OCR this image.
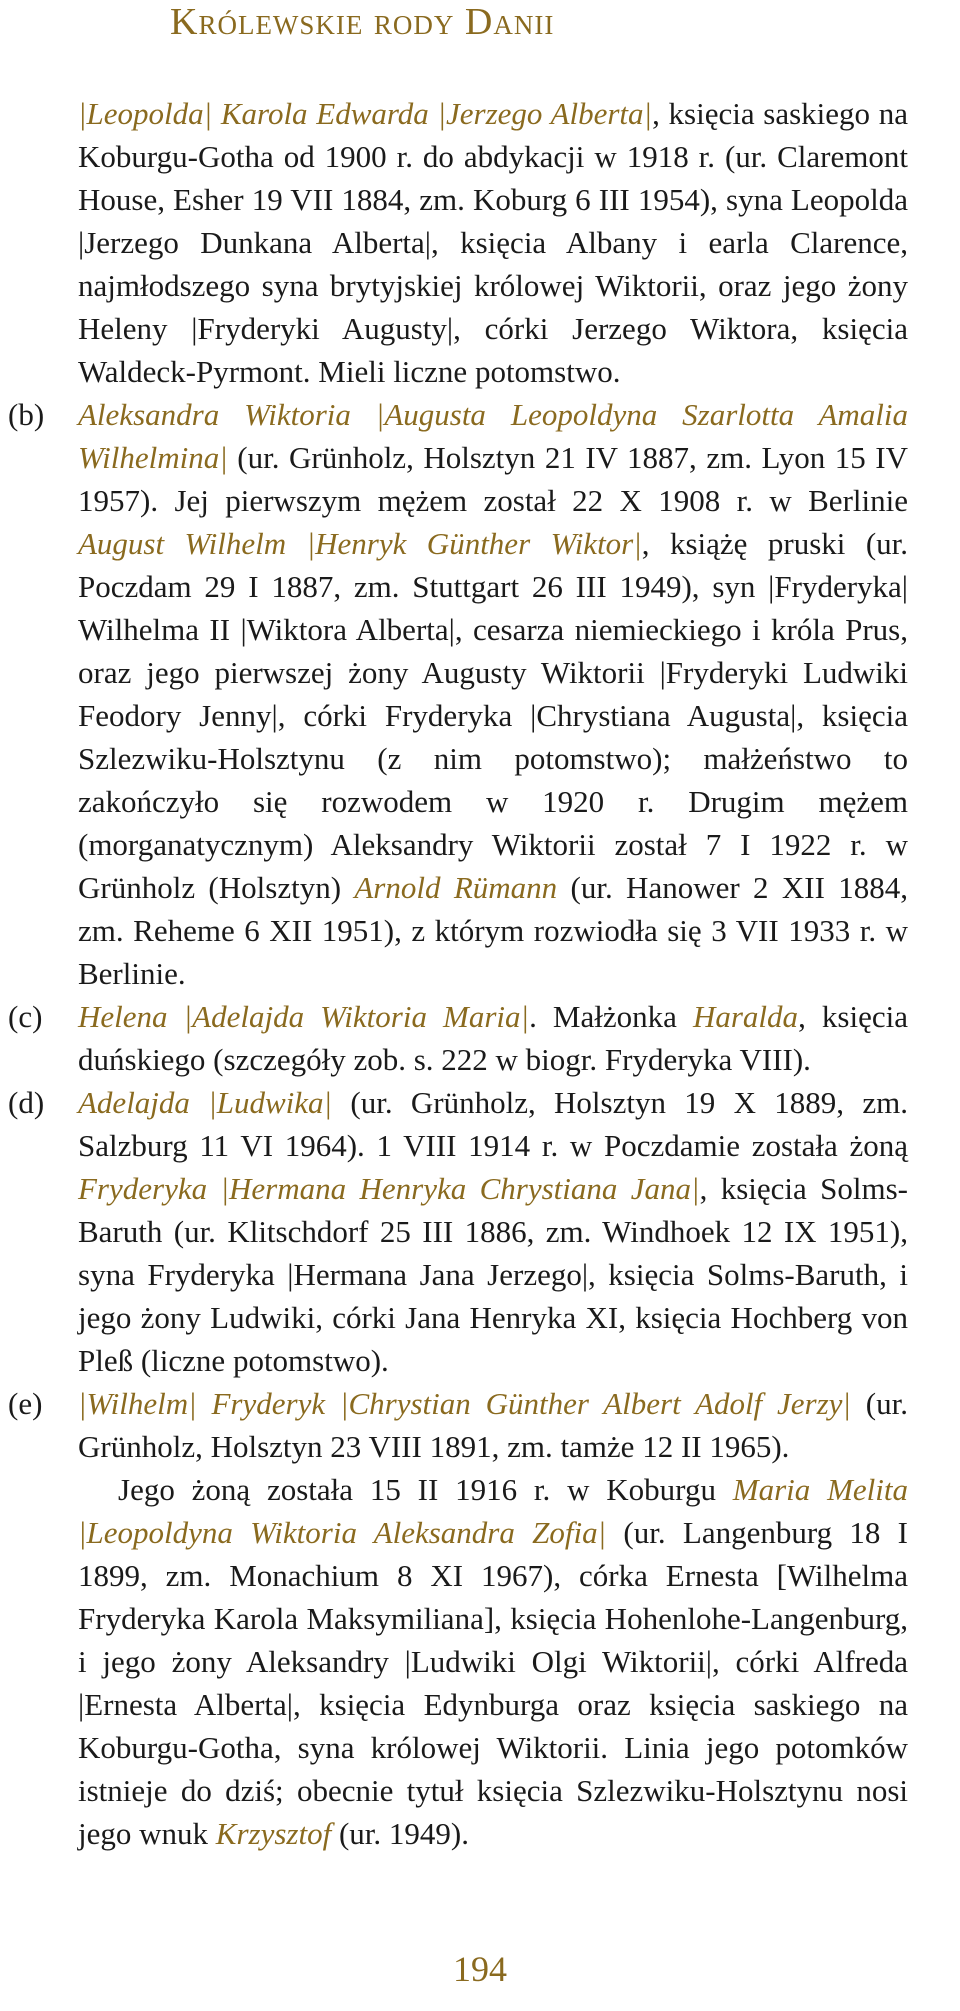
Królewskie rody Danii

|Leopolda| Karola Edwarda |Jerzego Alberta|, księcia saskiego na Koburgu-Gotha od 1900 r. do abdykacji w 1918 r. (ur. Claremont House, Esher 19 VII 1884, zm. Koburg 6 III 1954), syna Leopolda |Jerzego Dunkana Alberta|, księcia Albany i earla Clarence, najmłodszego syna brytyjskiej królowej Wiktorii, oraz jego żony Heleny |Fryderyki Augusty|, córki Jerzego Wiktora, księcia Waldeck-Pyrmont. Mieli liczne potomstwo.

(b) Aleksandra Wiktoria |Augusta Leopoldyna Szarlotta Amalia Wilhelmina| (ur. Grünholz, Holsztyn 21 IV 1887, zm. Lyon 15 IV 1957). Jej pierwszym mężem został 22 X 1908 r. w Berlinie August Wilhelm |Henryk Günther Wiktor|, książę pruski (ur. Poczdam 29 I 1887, zm. Stuttgart 26 III 1949), syn |Fryderyka| Wilhelma II |Wiktora Alberta|, cesarza niemieckiego i króla Prus, oraz jego pierwszej żony Augusty Wiktorii |Fryderyki Ludwiki Feodory Jenny|, córki Fryderyka |Chrystiana Augusta|, księcia Szlezwiku-Holsztynu (z nim potomstwo); małżeństwo to zakończyło się rozwodem w 1920 r. Drugim mężem (morganatycznym) Aleksandry Wiktorii został 7 I 1922 r. w Grünholz (Holsztyn) Arnold Rümann (ur. Hanower 2 XII 1884, zm. Reheme 6 XII 1951), z którym rozwiodła się 3 VII 1933 r. w Berlinie.

(c) Helena |Adelajda Wiktoria Maria|. Małżonka Haralda, księcia duńskiego (szczegóły zob. s. 222 w biogr. Fryderyka VIII).

(d) Adelajda |Ludwika| (ur. Grünholz, Holsztyn 19 X 1889, zm. Salzburg 11 VI 1964). 1 VIII 1914 r. w Poczdamie została żoną Fryderyka |Hermana Henryka Chrystiana Jana|, księcia Solms-Baruth (ur. Klitschdorf 25 III 1886, zm. Windhoek 12 IX 1951), syna Fryderyka |Hermana Jana Jerzego|, księcia Solms-Baruth, i jego żony Ludwiki, córki Jana Henryka XI, księcia Hochberg von Pleß (liczne potomstwo).

(e) |Wilhelm| Fryderyk |Chrystian Günther Albert Adolf Jerzy| (ur. Grünholz, Holsztyn 23 VIII 1891, zm. tamże 12 II 1965).

Jego żoną została 15 II 1916 r. w Koburgu Maria Melita |Leopoldyna Wiktoria Aleksandra Zofia| (ur. Langenburg 18 I 1899, zm. Monachium 8 XI 1967), córka Ernesta [Wilhelma Fryderyka Karola Maksymiliana], księcia Hohenlohe-Langenburg, i jego żony Aleksandry |Ludwiki Olgi Wiktorii|, córki Alfreda |Ernesta Alberta|, księcia Edynburga oraz księcia saskiego na Koburgu-Gotha, syna królowej Wiktorii. Linia jego potomków istnieje do dziś; obecnie tytuł księcia Szlezwiku-Holsztynu nosi jego wnuk Krzysztof (ur. 1949).

194
